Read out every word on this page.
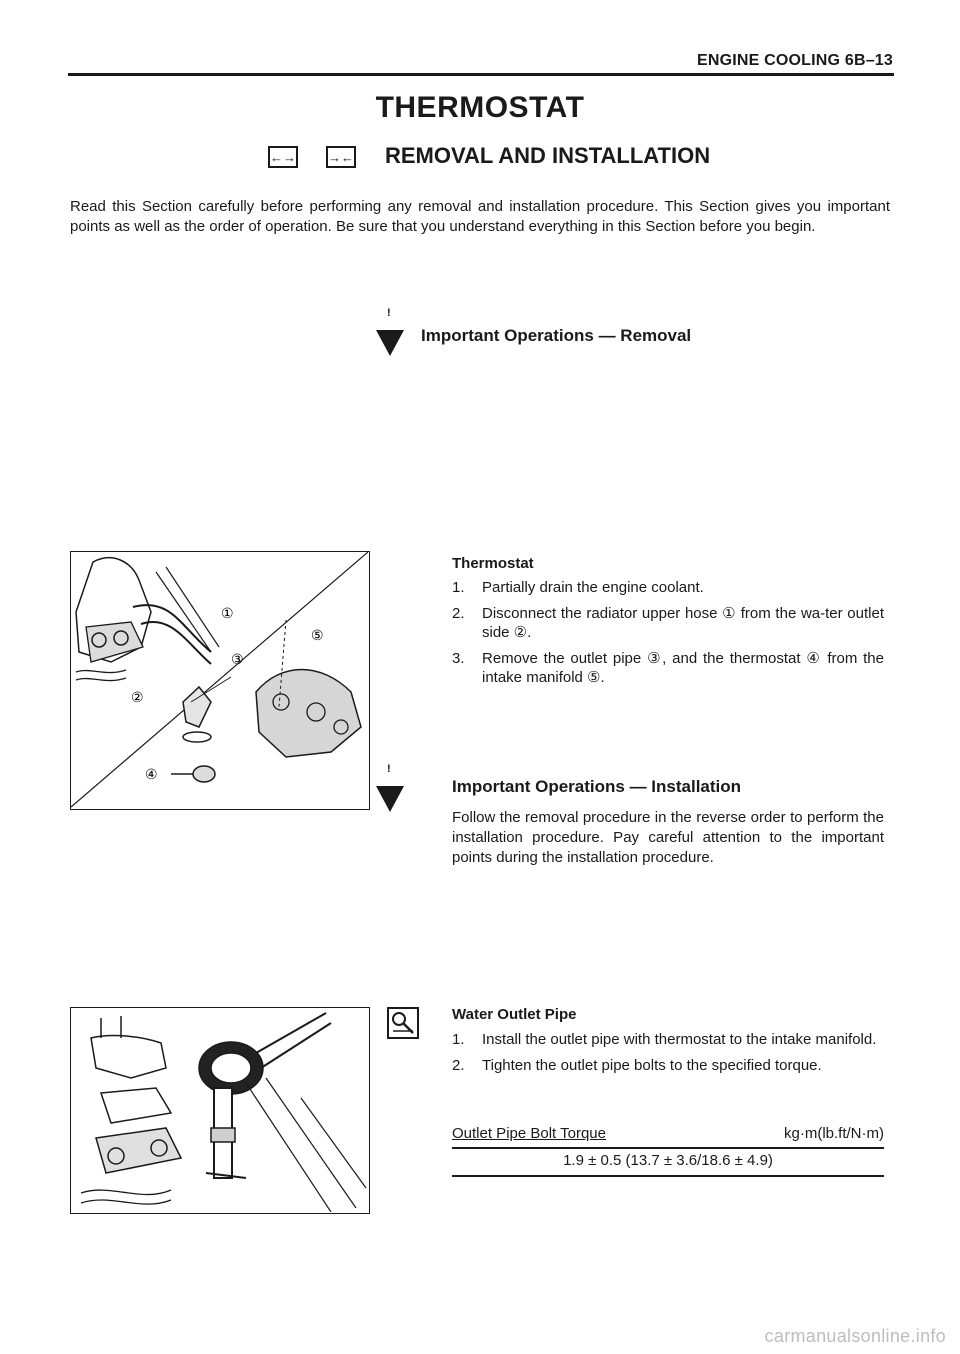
ENGINE COOLING 6B–13
THERMOSTAT
←→ →← REMOVAL AND INSTALLATION
Read this Section carefully before performing any removal and installation procedure. This Section gives you important points as well as the order of operation. Be sure that you understand everything in this Section before you begin.
!
Important Operations — Removal
①
⑤
③
②
④
Thermostat
1.	Partially drain the engine coolant.
2.	Disconnect the radiator upper hose ① from the wa-ter outlet side ②.
3.	Remove the outlet pipe ③, and the thermostat ④ from the intake manifold ⑤.
!
Important Operations — Installation
Follow the removal procedure in the reverse order to perform the installation procedure. Pay careful attention to the important points during the installation procedure.
Water Outlet Pipe
1.	Install the outlet pipe with thermostat to the intake manifold.
2.	Tighten the outlet pipe bolts to the specified torque.
Outlet Pipe Bolt Torque	kg·m(lb.ft/N·m)
1.9 ± 0.5 (13.7 ± 3.6/18.6 ± 4.9)
carmanualsonline.info
